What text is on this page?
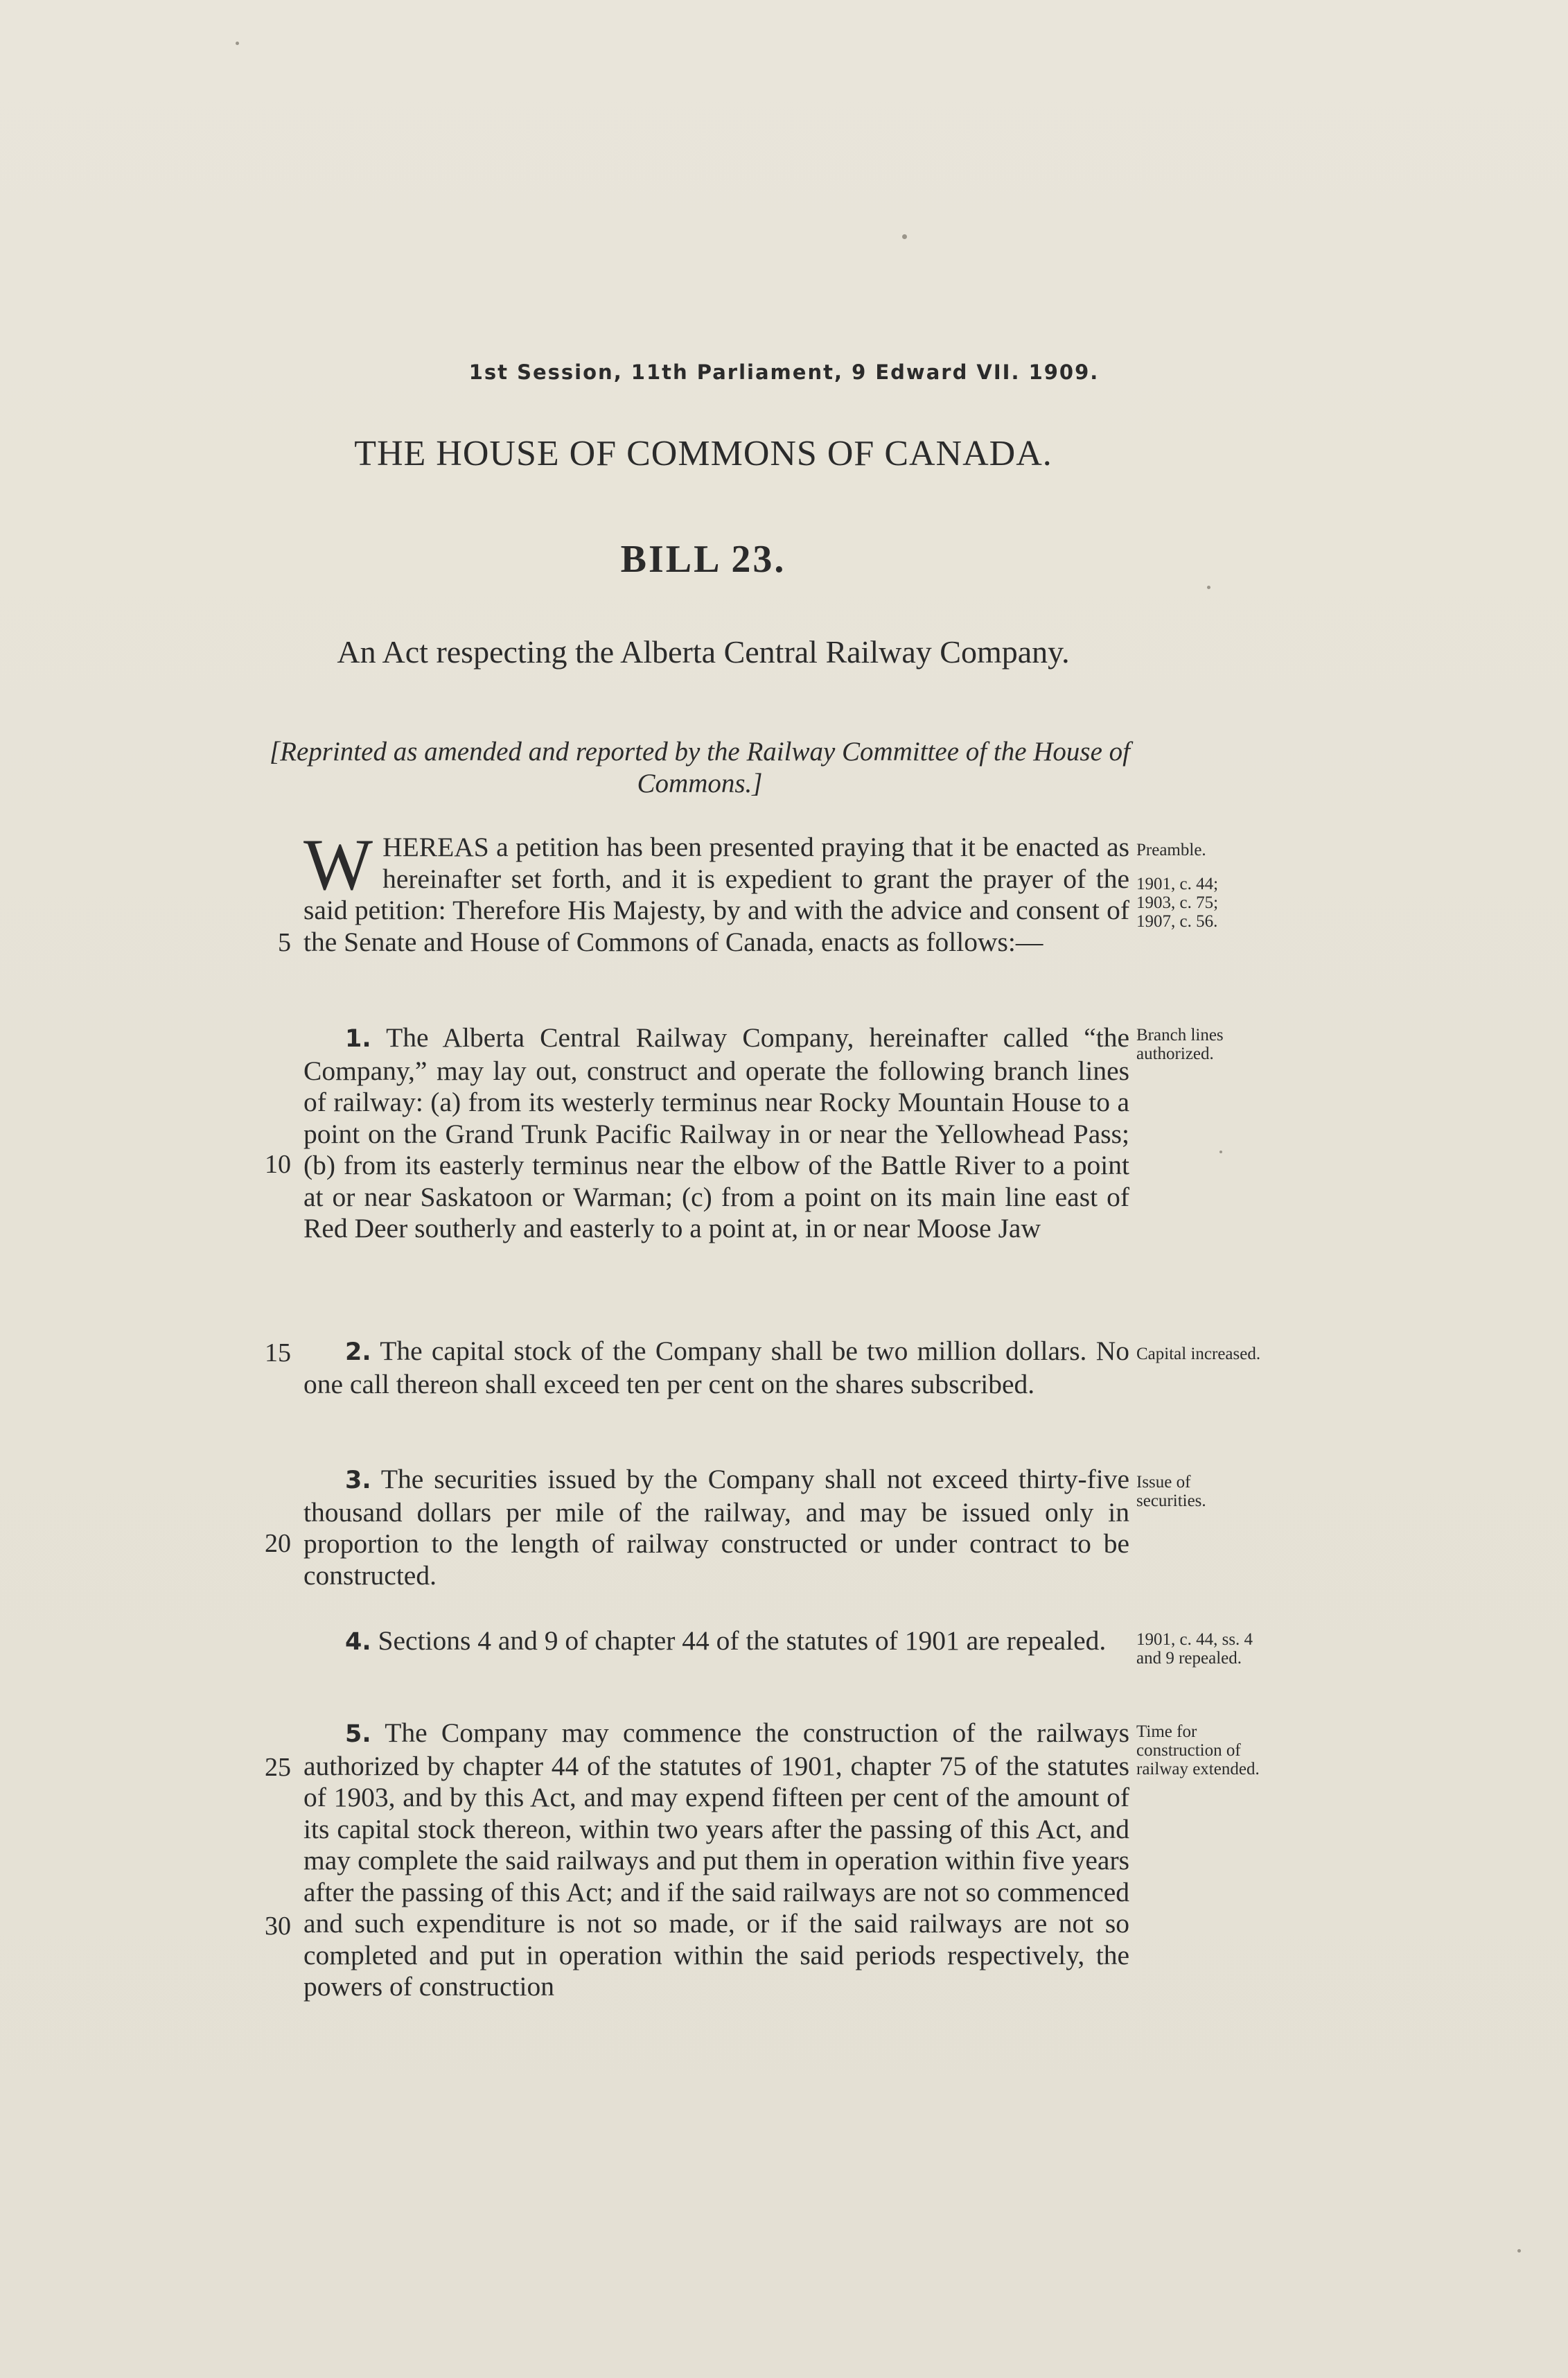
1st Session, 11th Parliament, 9 Edward VII. 1909.
THE HOUSE OF COMMONS OF CANADA.
BILL 23.
An Act respecting the Alberta Central Railway Company.
[Reprinted as amended and reported by the Railway Committee of the House of Commons.]
WHEREAS a petition has been presented praying that it be enacted as hereinafter set forth, and it is expedient to grant the prayer of the said petition: Therefore His Majesty, by and with the advice and consent of the Senate and House of Commons of Canada, enacts as follows:—
Preamble.
1901, c. 44; 1903, c. 75; 1907, c. 56.
1. The Alberta Central Railway Company, hereinafter called “the Company,” may lay out, construct and operate the following branch lines of railway: (a) from its westerly terminus near Rocky Mountain House to a point on the Grand Trunk Pacific Railway in or near the Yellowhead Pass; (b) from its easterly terminus near the elbow of the Battle River to a point at or near Saskatoon or Warman; (c) from a point on its main line east of Red Deer southerly and easterly to a point at, in or near Moose Jaw
Branch lines authorized.
2. The capital stock of the Company shall be two million dollars. No one call thereon shall exceed ten per cent on the shares subscribed.
Capital increased.
3. The securities issued by the Company shall not exceed thirty-five thousand dollars per mile of the railway, and may be issued only in proportion to the length of railway constructed or under contract to be constructed.
Issue of securities.
4. Sections 4 and 9 of chapter 44 of the statutes of 1901 are repealed.	1901, c. 44, ss. 4 and 9 repealed.
5. The Company may commence the construction of the railways authorized by chapter 44 of the statutes of 1901, chapter 75 of the statutes of 1903, and by this Act, and may expend fifteen per cent of the amount of its capital stock thereon, within two years after the passing of this Act, and may complete the said railways and put them in operation within five years after the passing of this Act; and if the said railways are not so commenced and such expenditure is not so made, or if the said railways are not so completed and put in operation within the said periods respectively, the powers of construction
Time for construction of railway extended.
5
10
15
20
25
30
